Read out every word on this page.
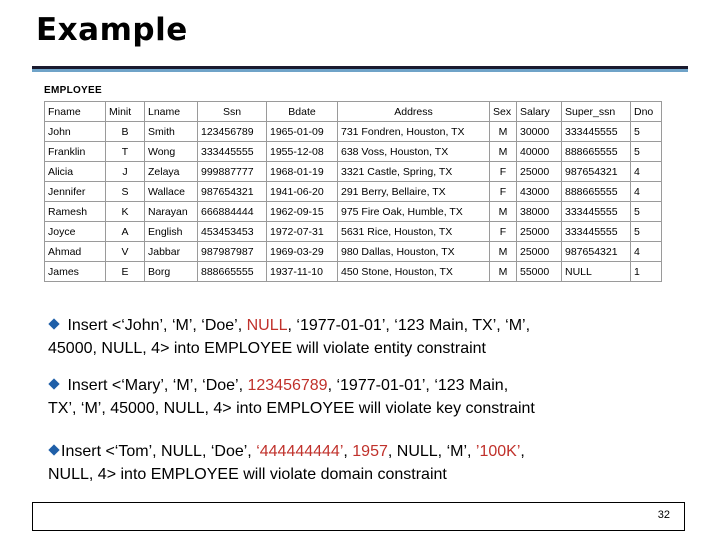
Example
EMPLOYEE
Fname	Minit	Lname	Ssn	Bdate	Address	Sex	Salary	Super_ssn	Dno
John	B	Smith	123456789	1965-01-09	731 Fondren, Houston, TX	M	30000	333445555	5
Franklin	T	Wong	333445555	1955-12-08	638 Voss, Houston, TX	M	40000	888665555	5
Alicia	J	Zelaya	999887777	1968-01-19	3321 Castle, Spring, TX	F	25000	987654321	4
Jennifer	S	Wallace	987654321	1941-06-20	291 Berry, Bellaire, TX	F	43000	888665555	4
Ramesh	K	Narayan	666884444	1962-09-15	975 Fire Oak, Humble, TX	M	38000	333445555	5
Joyce	A	English	453453453	1972-07-31	5631 Rice, Houston, TX	F	25000	333445555	5
Ahmad	V	Jabbar	987987987	1969-03-29	980 Dallas, Houston, TX	M	25000	987654321	4
James	E	Borg	888665555	1937-11-10	450 Stone, Houston, TX	M	55000	NULL	1
Insert <‘John’, ‘M’, ‘Doe’, NULL, ‘1977-01-01’, ‘123 Main, TX’, ‘M’,
45000, NULL, 4> into EMPLOYEE will violate entity constraint
Insert <‘Mary’, ‘M’, ‘Doe’, 123456789, ‘1977-01-01’, ‘123 Main,
TX’, ‘M’, 45000, NULL, 4> into EMPLOYEE will violate key constraint
Insert <‘Tom’, NULL, ‘Doe’, ‘444444444’, 1957, NULL, ‘M’, ’100K’,
NULL, 4> into EMPLOYEE will violate domain constraint
32
